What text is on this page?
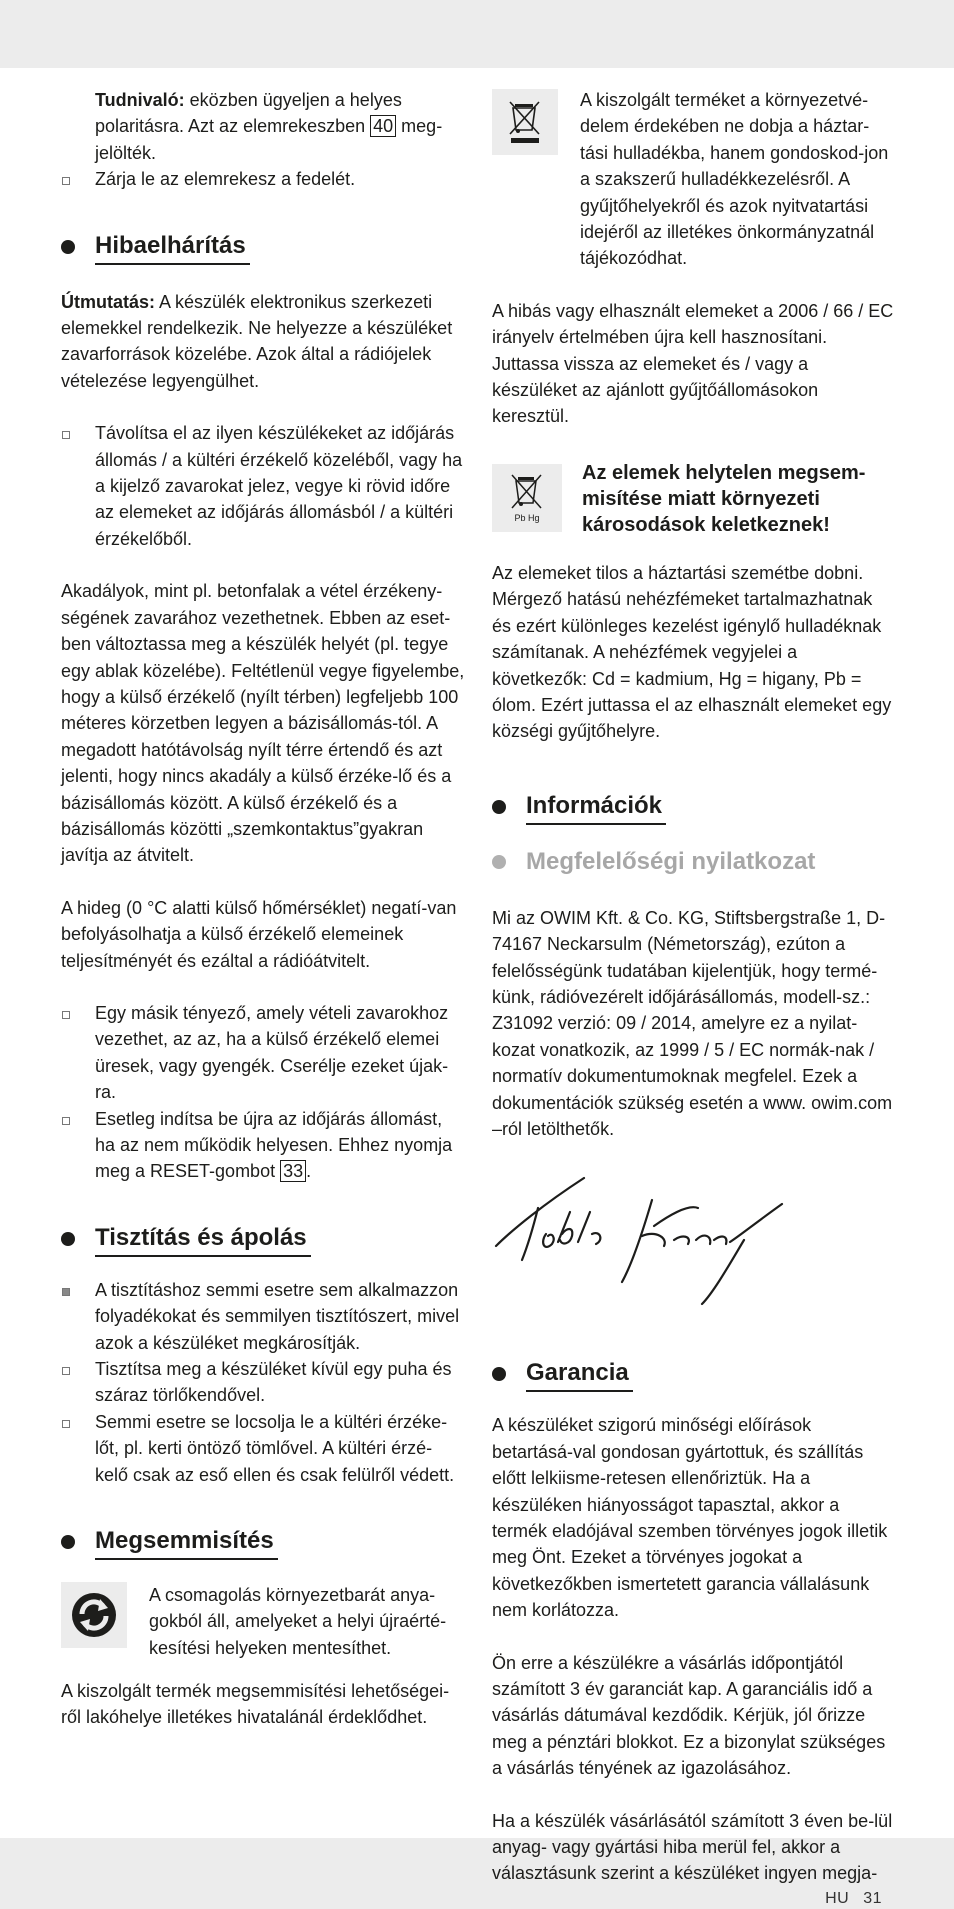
HU 31

Tudnivaló: eközben ügyeljen a helyes polaritásra. Azt az elemrekeszben 40 meg-jelölték.

Zárja le az elemrekesz a fedelét.
Hibaelhárítás

Útmutatás: A készülék elektronikus szerkezeti elemekkel rendelkezik. Ne helyezze a készüléket zavarforrások közelébe. Azok által a rádiójelek vételezése legyengülhet.

Távolítsa el az ilyen készülékeket az időjárás állomás / a kültéri érzékelő közeléből, vagy ha a kijelző zavarokat jelez, vegye ki rövid időre az elemeket az időjárás állomásból / a kültéri érzékelőből.

Akadályok, mint pl. betonfalak a vétel érzékeny-ségének zavarához vezethetnek. Ebben az eset-ben változtassa meg a készülék helyét (pl. tegye egy ablak közelébe). Feltétlenül vegye figyelembe, hogy a külső érzékelő (nyílt térben) legfeljebb 100 méteres körzetben legyen a bázisállomás-tól. A megadott hatótávolság nyílt térre értendő és azt jelenti, hogy nincs akadály a külső érzéke-lő és a bázisállomás között. A külső érzékelő és a bázisállomás közötti „szemkontaktus”gyakran javítja az átvitelt.

A hideg (0 °C alatti külső hőmérséklet) negatí-van befolyásolhatja a külső érzékelő elemeinek teljesítményét és ezáltal a rádióátvitelt.

Egy másik tényező, amely vételi zavarokhoz vezethet, az az, ha a külső érzékelő elemei üresek, vagy gyengék. Cserélje ezeket újak-ra.
Esetleg indítsa be újra az időjárás állomást, ha az nem működik helyesen. Ehhez nyomja meg a RESET-gombot 33 .
Tisztítás és ápolás
A tisztításhoz semmi esetre sem alkalmazzon folyadékokat és semmilyen tisztítószert, mivel azok a készüléket megkárosítják.
Tisztítsa meg a készüléket kívül egy puha és száraz törlőkendővel.
Semmi esetre se locsolja le a kültéri érzéke-lőt, pl. kerti öntöző tömlővel. A kültéri érzé-kelő csak az eső ellen és csak felülről védett.
Megsemmisítés

A csomagolás környezetbarát anya-gokból áll, amelyeket a helyi újraérté-kesítési helyeken mentesíthet.

A kiszolgált termék megsemmisítési lehetőségei-ről lakóhelye illetékes hivatalánál érdeklődhet.

A kiszolgált terméket a környezetvé-delem érdekében ne dobja a háztar-tási hulladékba, hanem gondoskod-jon a szakszerű hulladékkezelésről. A gyűjtőhelyekről és azok nyitvatartási idejéről az illetékes önkormányzatnál tájékozódhat.

A hibás vagy elhasznált elemeket a 2006 / 66 / EC irányelv értelmében újra kell hasznosítani. Juttassa vissza az elemeket és / vagy a készüléket az ajánlott gyűjtőállomásokon keresztül.

Pb Hg
Az elemek helytelen megsem-misítése miatt környezeti károsodások keletkeznek!

Az elemeket tilos a háztartási szemétbe dobni. Mérgező hatású nehézfémeket tartalmazhatnak és ezért különleges kezelést igénylő hulladéknak számítanak. A nehézfémek vegyjelei a következők: Cd = kadmium, Hg = higany, Pb = ólom. Ezért juttassa el az elhasznált elemeket egy községi gyűjtőhelyre.

Információk
Megfelelőségi nyilatkozat

Mi az OWIM Kft. & Co. KG, Stiftsbergstraße 1, D-74167 Neckarsulm (Németország), ezúton a felelősségünk tudatában kijelentjük, hogy termé-künk, rádióvezérelt időjárásállomás, modell-sz.: Z31092 verzió: 09 / 2014, amelyre ez a nyilat-kozat vonatkozik, az 1999 / 5 / EC normák-nak / normatív dokumentumoknak megfelel. Ezek a dokumentációk szükség esetén a www. owim.com –ról letölthetők.

Garancia

A készüléket szigorú minőségi előírások betartásá-val gondosan gyártottuk, és szállítás előtt lelkiisme-retesen ellenőriztük. Ha a készüléken hiányosságot tapasztal, akkor a termék eladójával szemben törvényes jogok illetik meg Önt. Ezeket a törvényes jogokat a következőkben ismertetett garancia vállalásunk nem korlátozza.

Ön erre a készülékre a vásárlás időpontjától számított 3 év garanciát kap. A garanciális idő a vásárlás dátumával kezdődik. Kérjük, jól őrizze meg a pénztári blokkot. Ez a bizonylat szükséges a vásárlás tényének az igazolásához.

Ha a készülék vásárlásától számított 3 éven be-lül anyag- vagy gyártási hiba merül fel, akkor a választásunk szerint a készüléket ingyen megja-
